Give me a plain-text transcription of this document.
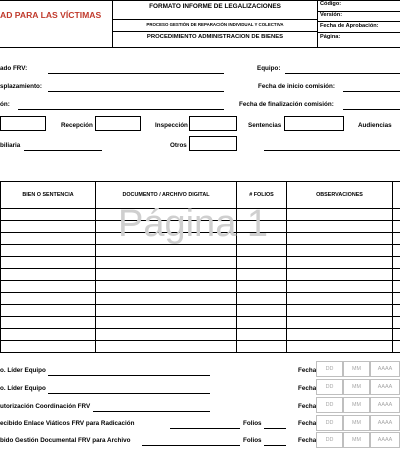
AD PARA LAS VÍCTIMAS
FORMATO INFORME DE LEGALIZACIONES
PROCESO GESTIÓN DE REPARACIÓN INDIVIDUAL Y COLECTIVA
PROCEDIMIENTO ADMINISTRACIÓN DE BIENES
Código:
Versión:
Fecha de Aprobación:
Página:
ado FRV:	Equipo:
splazamiento:	Fecha de inicio comisión:
ón:	Fecha de finalización comisión:
Recepción	Inspección	Sentencias	Audiencias
biliaria	Otros
BIEN O SENTENCIA	DOCUMENTO / ARCHIVO DIGITAL	# FOLIOS	OBSERVACIONES	

Página 1
o. Líder Equipo	Fecha	DD	MM	AAAA
o. Líder Equipo	Fecha	DD	MM	AAAA
utorización Coordinación FRV	Fecha	DD	MM	AAAA
ecibido Enlace Viáticos FRV para Radicación	Folios	Fecha	DD	MM	AAAA
bido Gestión Documental FRV para Archivo	Folios	Fecha	DD	MM	AAAA
